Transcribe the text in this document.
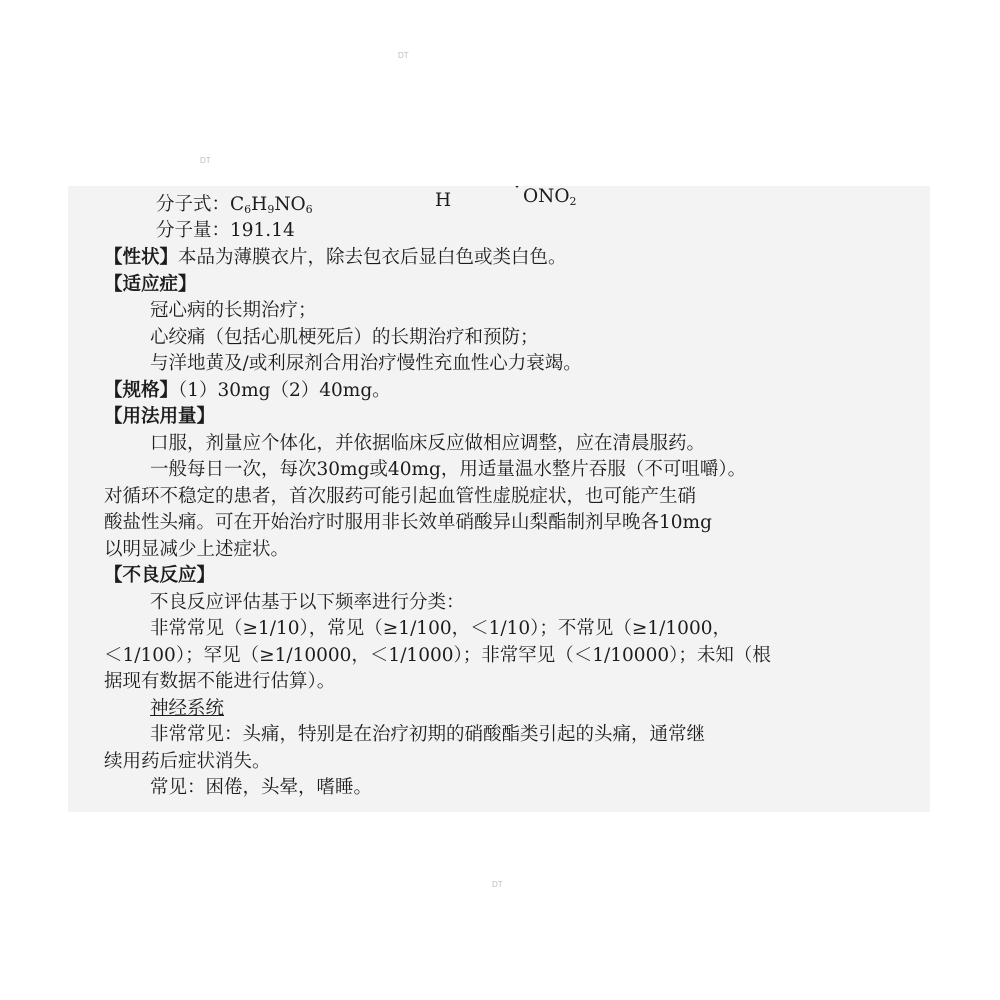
DT
DT
DT
H	$ONO_2$
分子式：$C_6H_9NO_6$
分子量：191.14
【性状】本品为薄膜衣片，除去包衣后显白色或类白色。
【适应症】
冠心病的长期治疗；
心绞痛（包括心肌梗死后）的长期治疗和预防；
与洋地黄及/或利尿剂合用治疗慢性充血性心力衰竭。
【规格】（1）30mg（2）40mg。
【用法用量】
口服，剂量应个体化，并依据临床反应做相应调整，应在清晨服药。
一般每日一次，每次30mg或40mg，用适量温水整片吞服（不可咀嚼）。
对循环不稳定的患者，首次服药可能引起血管性虚脱症状，也可能产生硝
酸盐性头痛。可在开始治疗时服用非长效单硝酸异山梨酯制剂早晚各10mg
以明显减少上述症状。
【不良反应】
不良反应评估基于以下频率进行分类：
非常常见（≥1/10），常见（≥1/100，＜1/10）；不常见（≥1/1000，
＜1/100）；罕见（≥1/10000，＜1/1000）；非常罕见（＜1/10000）；未知（根
据现有数据不能进行估算）。
神经系统
非常常见：头痛，特别是在治疗初期的硝酸酯类引起的头痛，通常继
续用药后症状消失。
常见：困倦，头晕，嗜睡。
